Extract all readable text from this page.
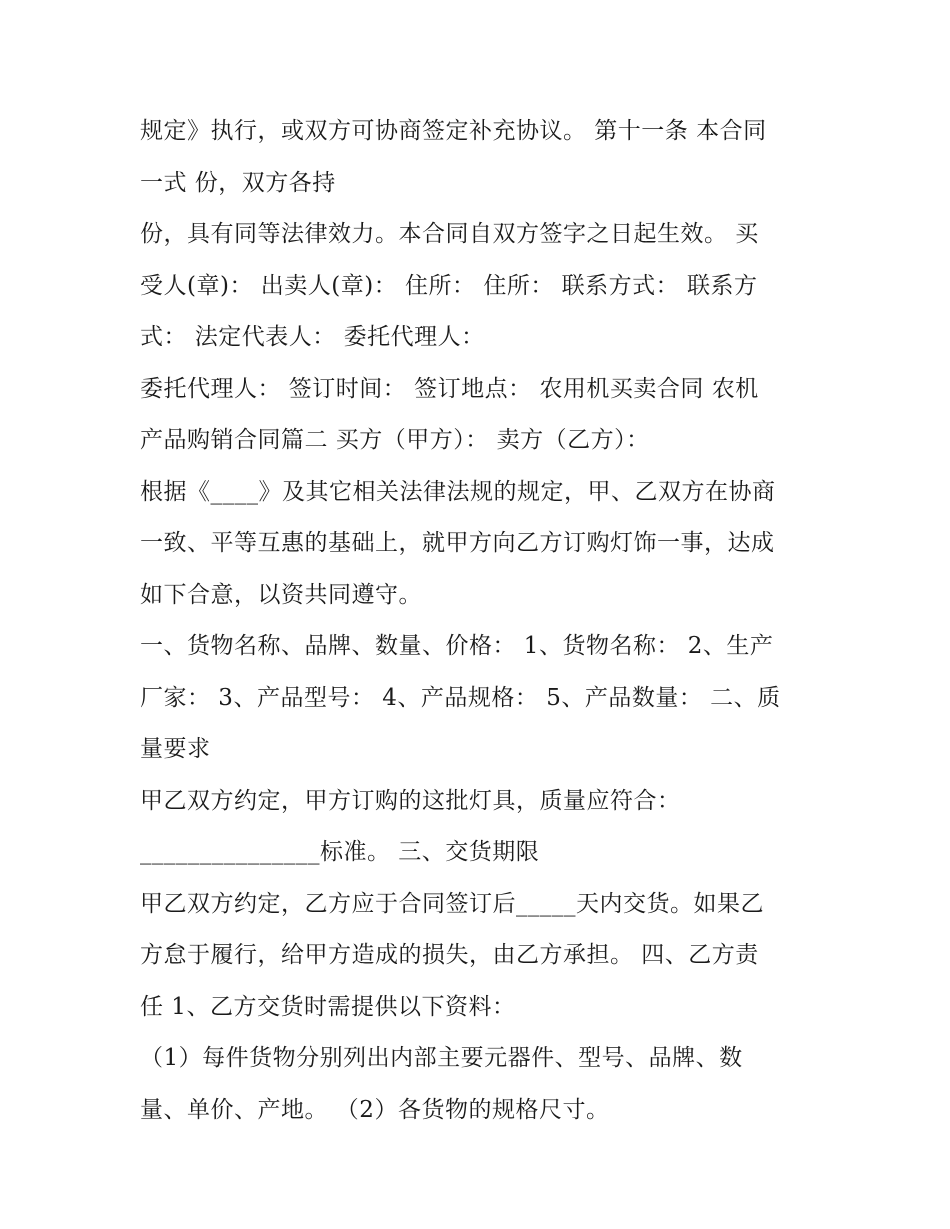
规定》执行，或双方可协商签定补充协议。 第十一条 本合同
一式 份，双方各持
份，具有同等法律效力。本合同自双方签字之日起生效。 买
受人(章)： 出卖人(章)： 住所： 住所： 联系方式： 联系方
式： 法定代表人： 委托代理人：
委托代理人： 签订时间： 签订地点： 农用机买卖合同 农机
产品购销合同篇二 买方（甲方）： 卖方（乙方）：
根据《____》及其它相关法律法规的规定，甲、乙双方在协商
一致、平等互惠的基础上，就甲方向乙方订购灯饰一事，达成
如下合意，以资共同遵守。
一、货物名称、品牌、数量、价格： 1、货物名称： 2、生产
厂家： 3、产品型号： 4、产品规格： 5、产品数量： 二、质
量要求
甲乙双方约定，甲方订购的这批灯具，质量应符合：
_______________标准。 三、交货期限
甲乙双方约定，乙方应于合同签订后_____天内交货。如果乙
方怠于履行，给甲方造成的损失，由乙方承担。 四、乙方责
任 1、乙方交货时需提供以下资料：
（1）每件货物分别列出内部主要元器件、型号、品牌、数
量、单价、产地。 （2）各货物的规格尺寸。
